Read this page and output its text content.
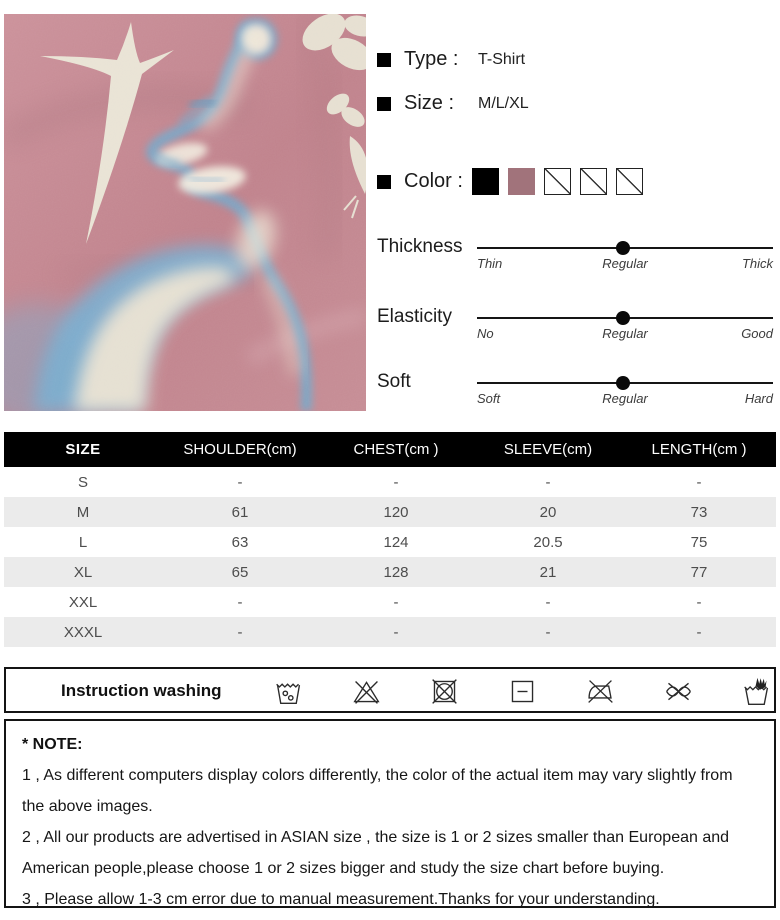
Type :	T-Shirt
Size :	M/L/XL
Color :
Thickness
Thin	Regular	Thick
Elasticity
No	Regular	Good
Soft
Soft	Regular	Hard
SIZE	SHOULDER(cm)	CHEST(cm )	SLEEVE(cm)	LENGTH(cm )
S	-	-	-	-
M	61	120	20	73
L	63	124	20.5	75
XL	65	128	21	77
XXL	-	-	-	-
XXXL	-	-	-	-
Instruction washing
* NOTE:

1 , As different computers display colors differently, the color of the actual item may vary slightly from the above images.

2 , All our products are advertised in ASIAN size , the size is 1 or 2 sizes smaller than European and American people,please choose 1 or 2 sizes bigger and study the size chart before buying.

3 , Please allow 1-3 cm error due to manual measurement.Thanks for your understanding.
